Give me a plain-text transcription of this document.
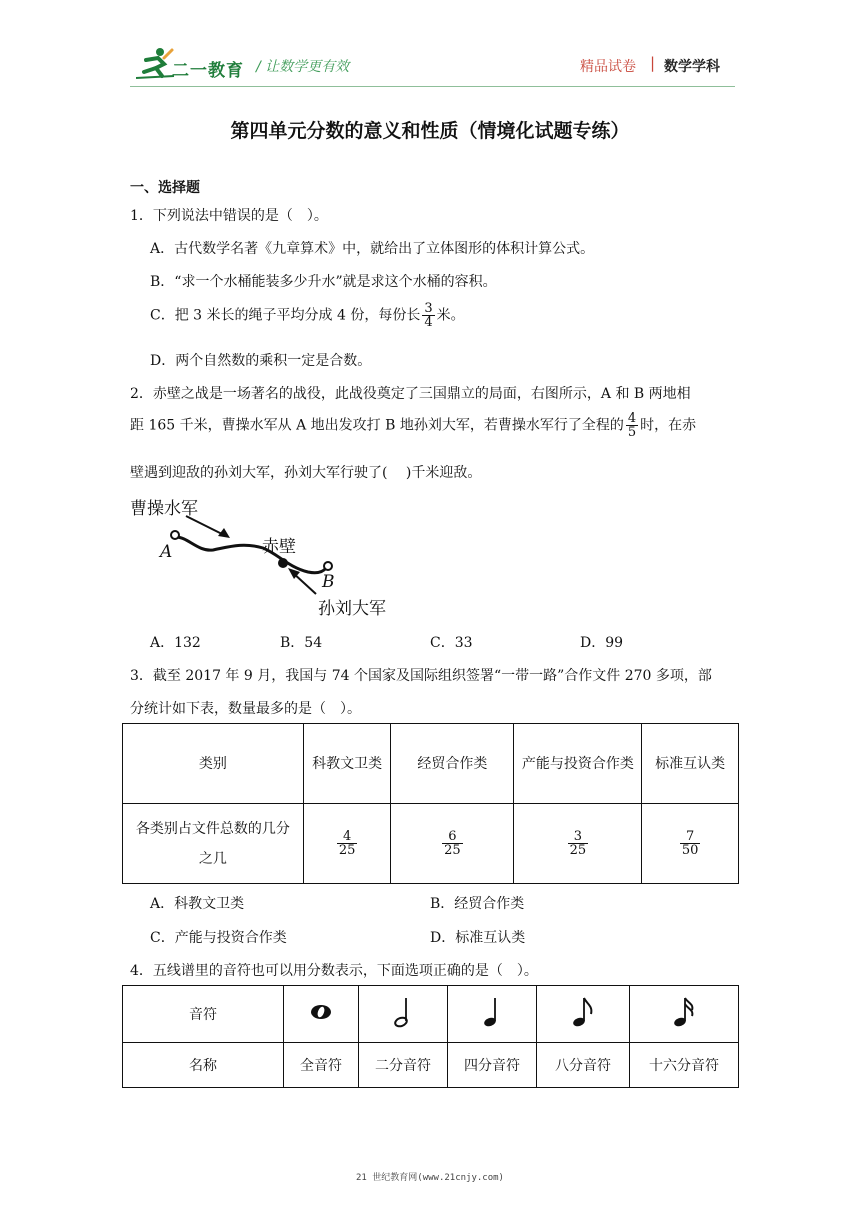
二一教育 / 让数学更有效	精品试卷 | 数学学科
第四单元分数的意义和性质（情境化试题专练）
一、选择题
1．下列说法中错误的是（　）。
A．古代数学名著《九章算术》中，就给出了立体图形的体积计算公式。
B．“求一个水桶能装多少升水”就是求这个水桶的容积。
C．把 3 米长的绳子平均分成 4 份，每份长 $\frac{3}{4}$ 米。
D．两个自然数的乘积一定是合数。
2．赤壁之战是一场著名的战役，此战役奠定了三国鼎立的局面，右图所示，A 和 B 两地相
距 165 千米，曹操水军从 A 地出发攻打 B 地孙刘大军，若曹操水军行了全程的 $\frac{4}{5}$ 时，在赤
壁遇到迎敌的孙刘大军，孙刘大军行驶了(　 )千米迎敌。
曹操水军
A	赤壁
B
孙刘大军
A．132	B．54	C．33	D．99
3．截至 2017 年 9 月，我国与 74 个国家及国际组织签署“一带一路”合作文件 270 多项，部
分统计如下表，数量最多的是（　）。
类别	科教文卫类	经贸合作类	产能与投资合作类	标准互认类
各类别占文件总数的几分之几	$\frac{4}{25}$	$\frac{6}{25}$	$\frac{3}{25}$	$\frac{7}{50}$
A．科教文卫类	B．经贸合作类
C．产能与投资合作类	D．标准互认类
4．五线谱里的音符也可以用分数表示，下面选项正确的是（　）。
音符					
名称	全音符	二分音符	四分音符	八分音符	十六分音符
21 世纪教育网(www.21cnjy.com)
